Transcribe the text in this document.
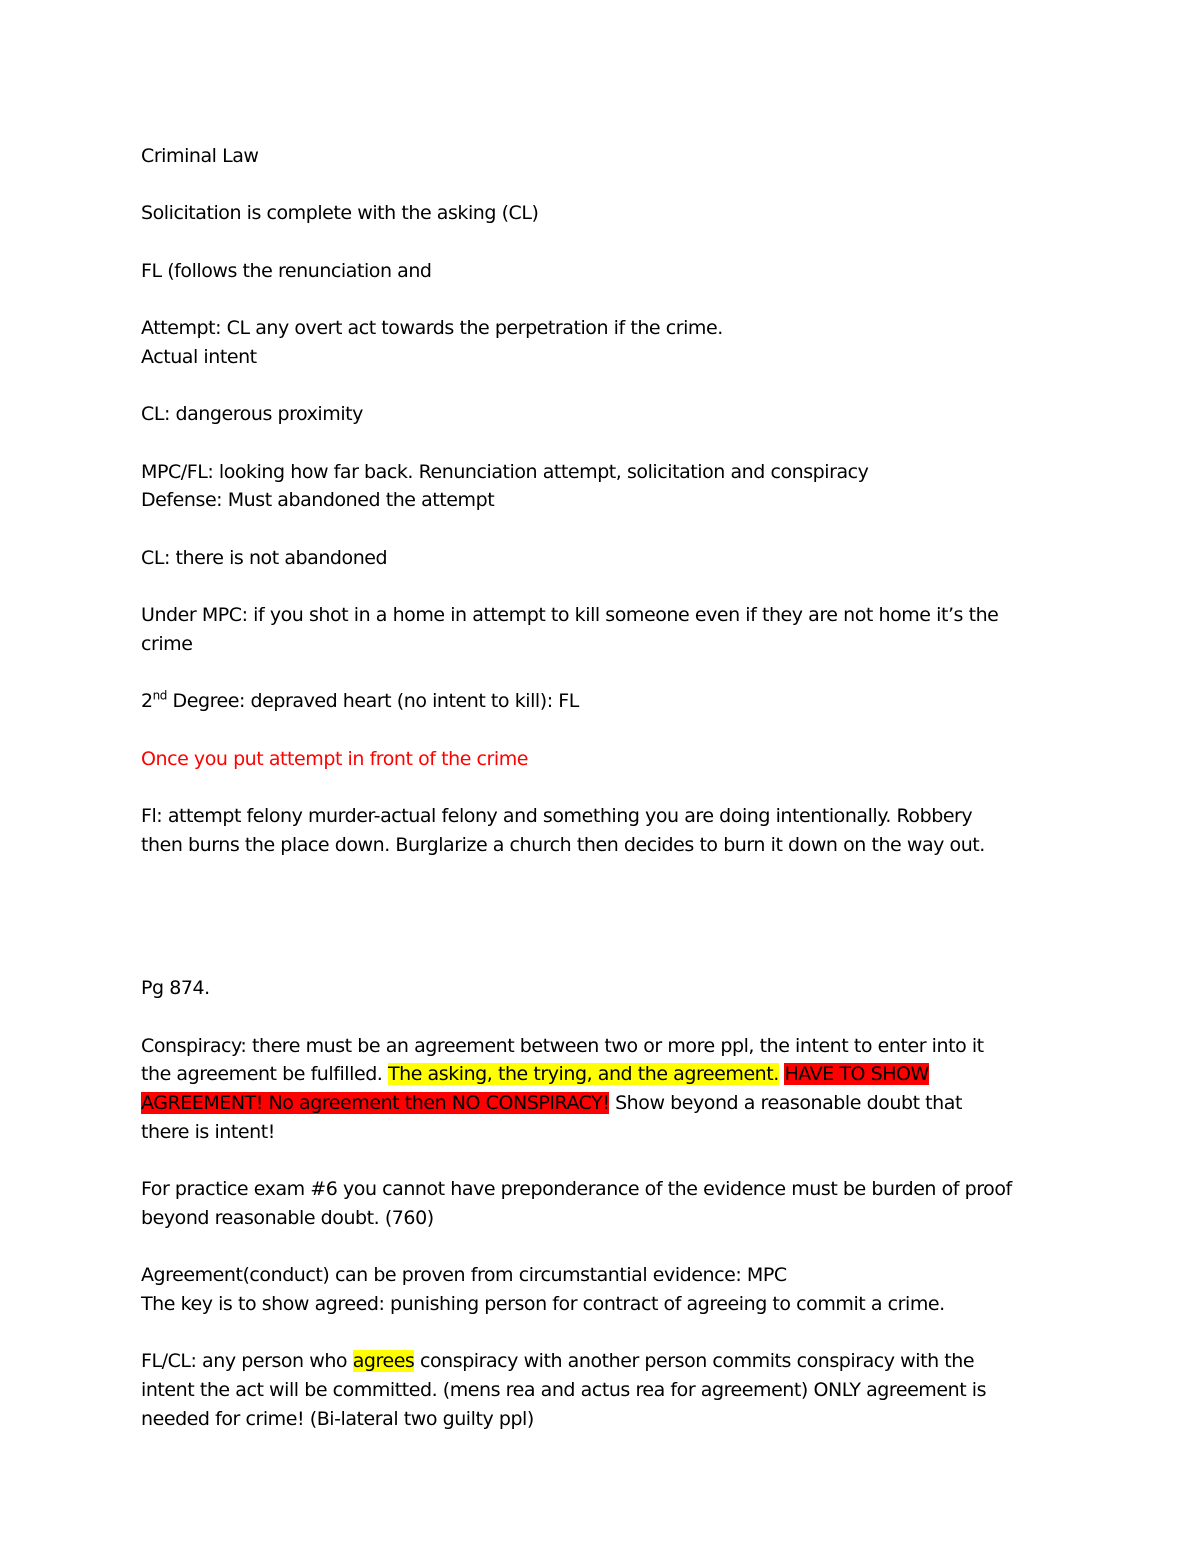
Criminal Law
Solicitation is complete with the asking (CL)
FL (follows the renunciation and
Attempt: CL any overt act towards the perpetration if the crime.
Actual intent
CL: dangerous proximity
MPC/FL: looking how far back. Renunciation attempt, solicitation and conspiracy
Defense: Must abandoned the attempt
CL: there is not abandoned
Under MPC: if you shot in a home in attempt to kill someone even if they are not home it’s the
crime
2nd Degree: depraved heart (no intent to kill): FL
Once you put attempt in front of the crime
Fl: attempt felony murder-actual felony and something you are doing intentionally. Robbery
then burns the place down. Burglarize a church then decides to burn it down on the way out.
Pg 874.
Conspiracy: there must be an agreement between two or more ppl, the intent to enter into it
the agreement be fulfilled. The asking, the trying, and the agreement. HAVE TO SHOW
AGREEMENT! No agreement then NO CONSPIRACY! Show beyond a reasonable doubt that
there is intent!
For practice exam #6 you cannot have preponderance of the evidence must be burden of proof
beyond reasonable doubt. (760)
Agreement(conduct) can be proven from circumstantial evidence: MPC
The key is to show agreed: punishing person for contract of agreeing to commit a crime.
FL/CL: any person who agrees conspiracy with another person commits conspiracy with the
intent the act will be committed. (mens rea and actus rea for agreement) ONLY agreement is
needed for crime! (Bi-lateral two guilty ppl)
